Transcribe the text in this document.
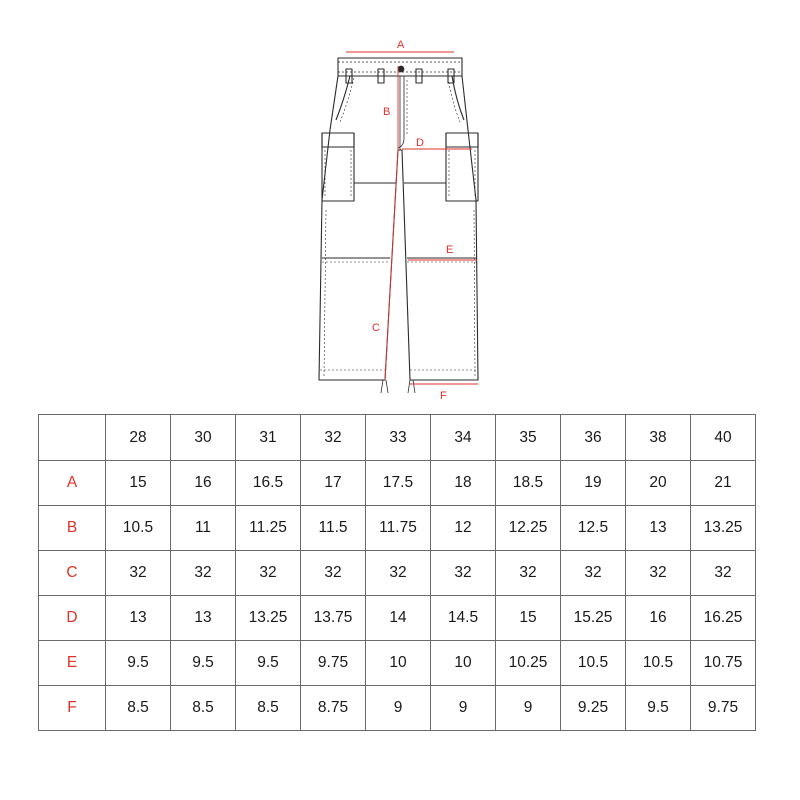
A
B
C
D
E
F
	28	30	31	32	33	34	35	36	38	40
A	15	16	16.5	17	17.5	18	18.5	19	20	21
B	10.5	11	11.25	11.5	11.75	12	12.25	12.5	13	13.25
C	32	32	32	32	32	32	32	32	32	32
D	13	13	13.25	13.75	14	14.5	15	15.25	16	16.25
E	9.5	9.5	9.5	9.75	10	10	10.25	10.5	10.5	10.75
F	8.5	8.5	8.5	8.75	9	9	9	9.25	9.5	9.75
